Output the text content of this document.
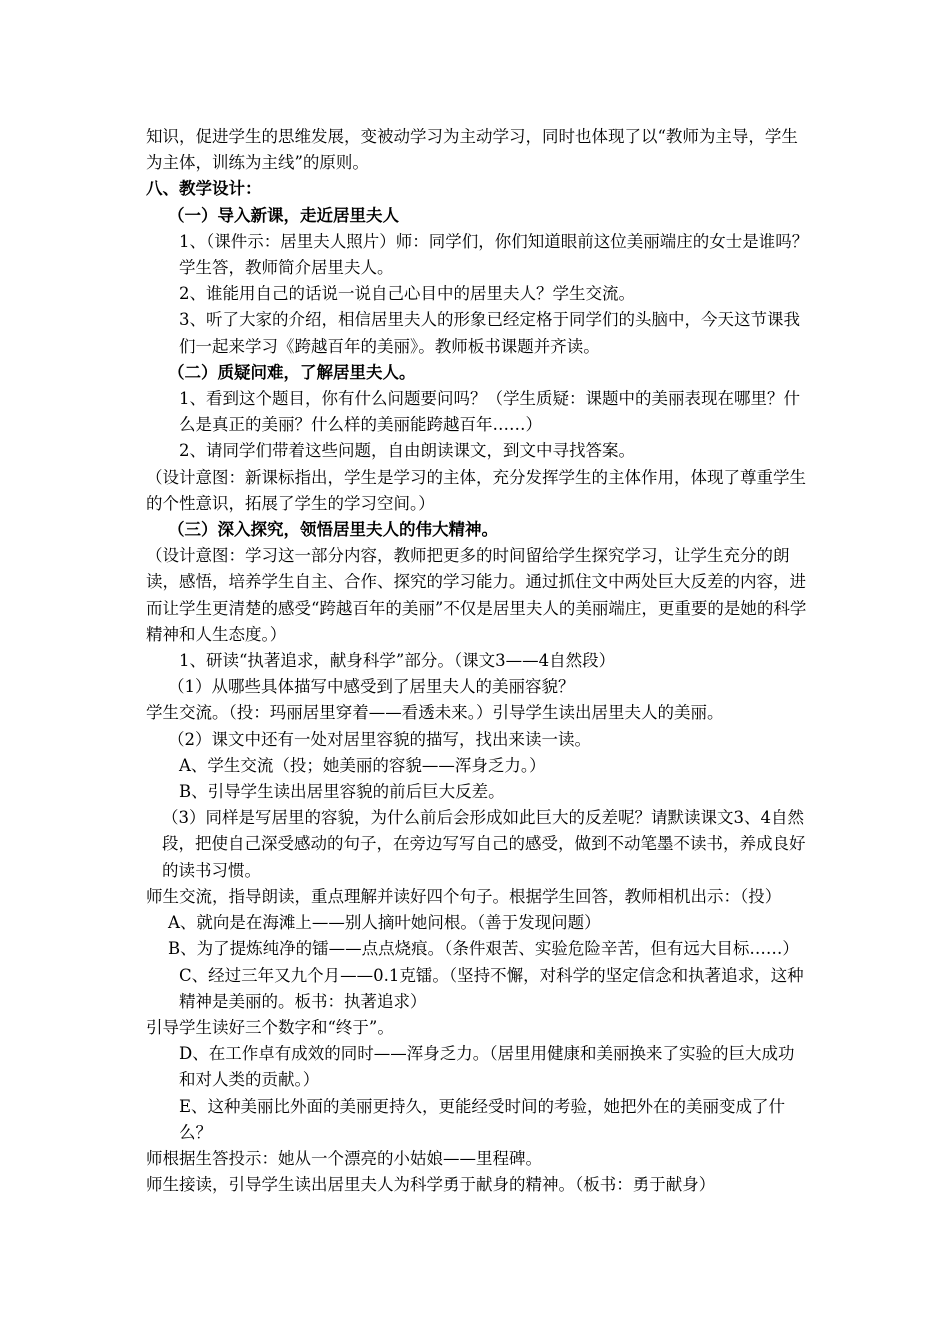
知识，促进学生的思维发展，变被动学习为主动学习，同时也体现了以“教师为主导，学生为主体，训练为主线”的原则。

八、教学设计：

（一）导入新课，走近居里夫人

1、（课件示：居里夫人照片）师：同学们，你们知道眼前这位美丽端庄的女士是谁吗？学生答，教师简介居里夫人。

2、谁能用自己的话说一说自己心目中的居里夫人？学生交流。

3、听了大家的介绍，相信居里夫人的形象已经定格于同学们的头脑中，今天这节课我们一起来学习《跨越百年的美丽》。教师板书课题并齐读。

（二）质疑问难，了解居里夫人。

1、看到这个题目，你有什么问题要问吗？（学生质疑：课题中的美丽表现在哪里？什么是真正的美丽？什么样的美丽能跨越百年……）

2、请同学们带着这些问题，自由朗读课文，到文中寻找答案。

（设计意图：新课标指出，学生是学习的主体，充分发挥学生的主体作用，体现了尊重学生的个性意识，拓展了学生的学习空间。）

（三）深入探究，领悟居里夫人的伟大精神。

（设计意图：学习这一部分内容，教师把更多的时间留给学生探究学习，让学生充分的朗读，感悟，培养学生自主、合作、探究的学习能力。通过抓住文中两处巨大反差的内容，进而让学生更清楚的感受“跨越百年的美丽”不仅是居里夫人的美丽端庄，更重要的是她的科学精神和人生态度。）

1、研读“执著追求，献身科学”部分。（课文3——4自然段）

（1）从哪些具体描写中感受到了居里夫人的美丽容貌？

学生交流。（投：玛丽居里穿着——看透未来。）引导学生读出居里夫人的美丽。

（2）课文中还有一处对居里容貌的描写，找出来读一读。

A、学生交流（投；她美丽的容貌——浑身乏力。）

B、引导学生读出居里容貌的前后巨大反差。

（3）同样是写居里的容貌，为什么前后会形成如此巨大的反差呢？请默读课文3、4自然段，把使自己深受感动的句子，在旁边写写自己的感受，做到不动笔墨不读书，养成良好的读书习惯。

师生交流，指导朗读，重点理解并读好四个句子。根据学生回答，教师相机出示：（投）

A、就向是在海滩上——别人摘叶她问根。（善于发现问题）

B、为了提炼纯净的镭——点点烧痕。（条件艰苦、实验危险辛苦，但有远大目标……）

C、经过三年又九个月——0.1克镭。（坚持不懈，对科学的坚定信念和执著追求，这种精神是美丽的。板书：执著追求）

引导学生读好三个数字和“终于”。

D、在工作卓有成效的同时——浑身乏力。（居里用健康和美丽换来了实验的巨大成功和对人类的贡献。）

E、这种美丽比外面的美丽更持久，更能经受时间的考验，她把外在的美丽变成了什么？

师根据生答投示：她从一个漂亮的小姑娘——里程碑。

师生接读，引导学生读出居里夫人为科学勇于献身的精神。（板书：勇于献身）
